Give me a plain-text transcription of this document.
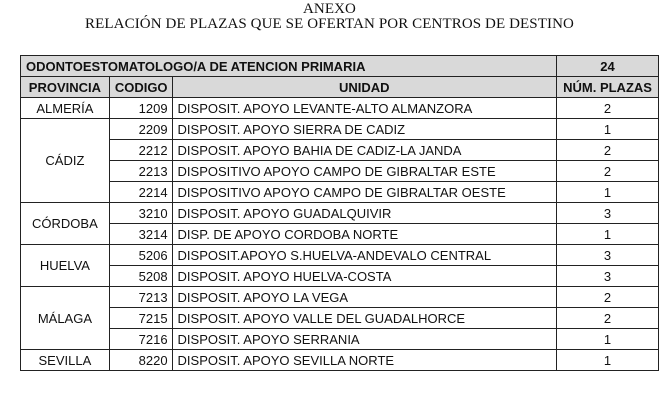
ANEXO
RELACIÓN DE PLAZAS QUE SE OFERTAN POR CENTROS DE DESTINO
ODONTOESTOMATOLOGO/A DE ATENCION PRIMARIA			24
PROVINCIA	CODIGO	UNIDAD	NÚM. PLAZAS
ALMERÍA	1209	DISPOSIT. APOYO LEVANTE-ALTO ALMANZORA	2
CÁDIZ	2209	DISPOSIT. APOYO SIERRA DE CADIZ	1
	2212	DISPOSIT. APOYO BAHIA DE CADIZ-LA JANDA	2
	2213	DISPOSITIVO APOYO CAMPO DE GIBRALTAR ESTE	2
	2214	DISPOSITIVO APOYO CAMPO DE GIBRALTAR OESTE	1
CÓRDOBA	3210	DISPOSIT. APOYO GUADALQUIVIR	3
	3214	DISP. DE APOYO CORDOBA NORTE	1
HUELVA	5206	DISPOSIT.APOYO S.HUELVA-ANDEVALO CENTRAL	3
	5208	DISPOSIT. APOYO HUELVA-COSTA	3
MÁLAGA	7213	DISPOSIT. APOYO LA VEGA	2
	7215	DISPOSIT. APOYO VALLE DEL GUADALHORCE	2
	7216	DISPOSIT. APOYO SERRANIA	1
SEVILLA	8220	DISPOSIT. APOYO SEVILLA NORTE	1
